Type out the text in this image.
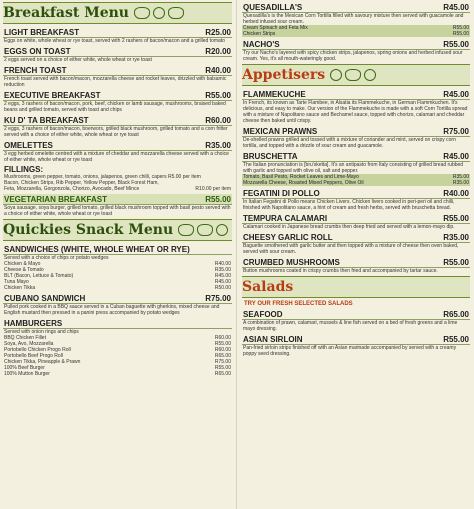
Breakfast Menu
LIGHT BREAKFAST	R25.00
Eggs on white, whole wheat or rye toast, served with 2 rashers of bacon/macon and a grilled tomato
EGGS ON TOAST	R20.00
2 eggs served on a choice of either white, whole wheat or rye toast
FRENCH TOAST	R40.00
French toast served with bacon/macon, mozzarella cheese and rocket leaves, drizzled with balsamic reduction
EXECUTIVE BREAKFAST	R55.00
2 eggs, 3 rashers of bacon/macon, pork, beef, chicken or lamb sausage, mushrooms, braised baked beans and grilled tomato, served with toast and chips
KU D' TA BREAKFAST	R60.00
2 eggs, 3 rashers of bacon/macon, boerwors, grilled black mushroom, grilled tomato and a corn fritter served with a choice of either white, whole wheat or rye toast
OMELETTES	R35.00
3 egg herbed omelette centred with a mixture of cheddar and mozzarella cheese served with a choice of either white, whole wheat or rye toast
FILLINGS:
Mushrooms, green pepper, tomato, onions, jalapenos, green chilli, capers R5.00 per item
Bacon, Chicken Strips, Rib Pepper, Yellow Pepper, Black Forest Ham,
Feta, Mozzarella, Gorgonzola, Chorizo, Avocado, Beef Mince	R10.00 per item
VEGETARIAN BREAKFAST	R55.00
Soya sausage, soya burger, grilled tomato, grilled black mushroom topped with basil pesto served with a choice of either white, whole wheat or rye toast
Quickies Snack Menu
SANDWICHES (WHITE, WHOLE WHEAT OR RYE)
Served with a choice of chips or potato wedges
Chicken & Mayo	R40.00
Cheese & Tomato	R35.00
BLT (Bacon, Lettuce & Tomato)	R45.00
Tuna Mayo	R45.00
Chicken Tikka	R50.00
CUBANO SANDWICH	R75.00
Pulled pork cooked in a BBQ sauce served in a Cuban baguette with gherkins, mixed cheese and English mustard then pressed in a panini press accompanied by potato wedges
HAMBURGERS
Served with onion rings and chips
BBQ Chicken Fillet	R60.00
Soya, Avo, Mozzarella	R55.00
Portobello Chicken Progo Roll	R60.00
Portobello Beef Progo Roll	R65.00
Chicken Tikka, Pineapple & Prawn	R75.00
100% Beef Burger	R55.00
100% Mutton Burger	R65.00
QUESADILLA'S	R45.00
Quesadilla's is the Mexican Corn Tortilla filled with savoury mixture then served with guacamole and herbed infused sour cream.
Cream Spinach and Feta Mix	R55.00
Chicken Strips	R55.00
NACHO'S	R55.00
Try our Nacho's layered with spicy chicken strips, jalapenos, spring onions and herbed infused sour cream. Yes, it's all mouth-wateringly good.
Appetisers
FLAMMEKUCHE	R45.00
In French, its known as Tarte Flambee, in Alsatia its Flammekuche, in German Flammkuchen. It's delicious, and easy to make. Our version of the Flammekuche is made with a soft Corn Tortilla spread with a mixture of Napolitano sauce and Bechamel sauce, topped with chorizo, calamari and cheddar cheese then baked until crispy.
MEXICAN PRAWNS	R75.00
De-shelled prawns grilled and tossed with a mixture of coriander and mint, served on crispy corn tortilla, and topped with a drizzle of sour cream and guacamole.
BRUSCHETTA	R45.00
The Italian pronunciation is [bru'sketta]. It's an antipasto from Italy consisting of grilled bread rubbed with garlic and topped with olive oil, salt and pepper.
Tomato, Basil Pesto, Rocket Leaves and Lime-Mayo	R35.00
Mozzarella Cheese, Roasted Mixed Peppers, Olive Oil	R35.00
FEGATINI DI POLLO	R40.00
In Italian Fegatini di Pollo means Chicken Livers. Chicken livers cooked in peri-peri oil and chilli, finished with Napolitano sauce, a hint of cream and fresh herbs, served with bruschetta bread.
TEMPURA CALAMARI	R55.00
Calamari cooked in Japanese bread crumbs then deep fried and served with a lemon-mayo dip.
CHEESY GARLIC ROLL	R35.00
Baguette smothered with garlic butter and then topped with a mixture of cheese then oven baked, served with sour cream.
CRUMBED MUSHROOMS	R55.00
Button mushrooms coated in crispy crumbs then fried and accompanied by tartar sauce.
Salads
TRY OUR FRESH SELECTED SALADS
SEAFOOD	R65.00
A combination of prawn, calamari, mussels & line fish served on a bed of fresh greens and a lime mayo dressing.
ASIAN SIRLOIN	R55.00
Pan-fried sirloin strips finished off with an Asian marinade accompanied by served with a creamy poppy seed dressing.
